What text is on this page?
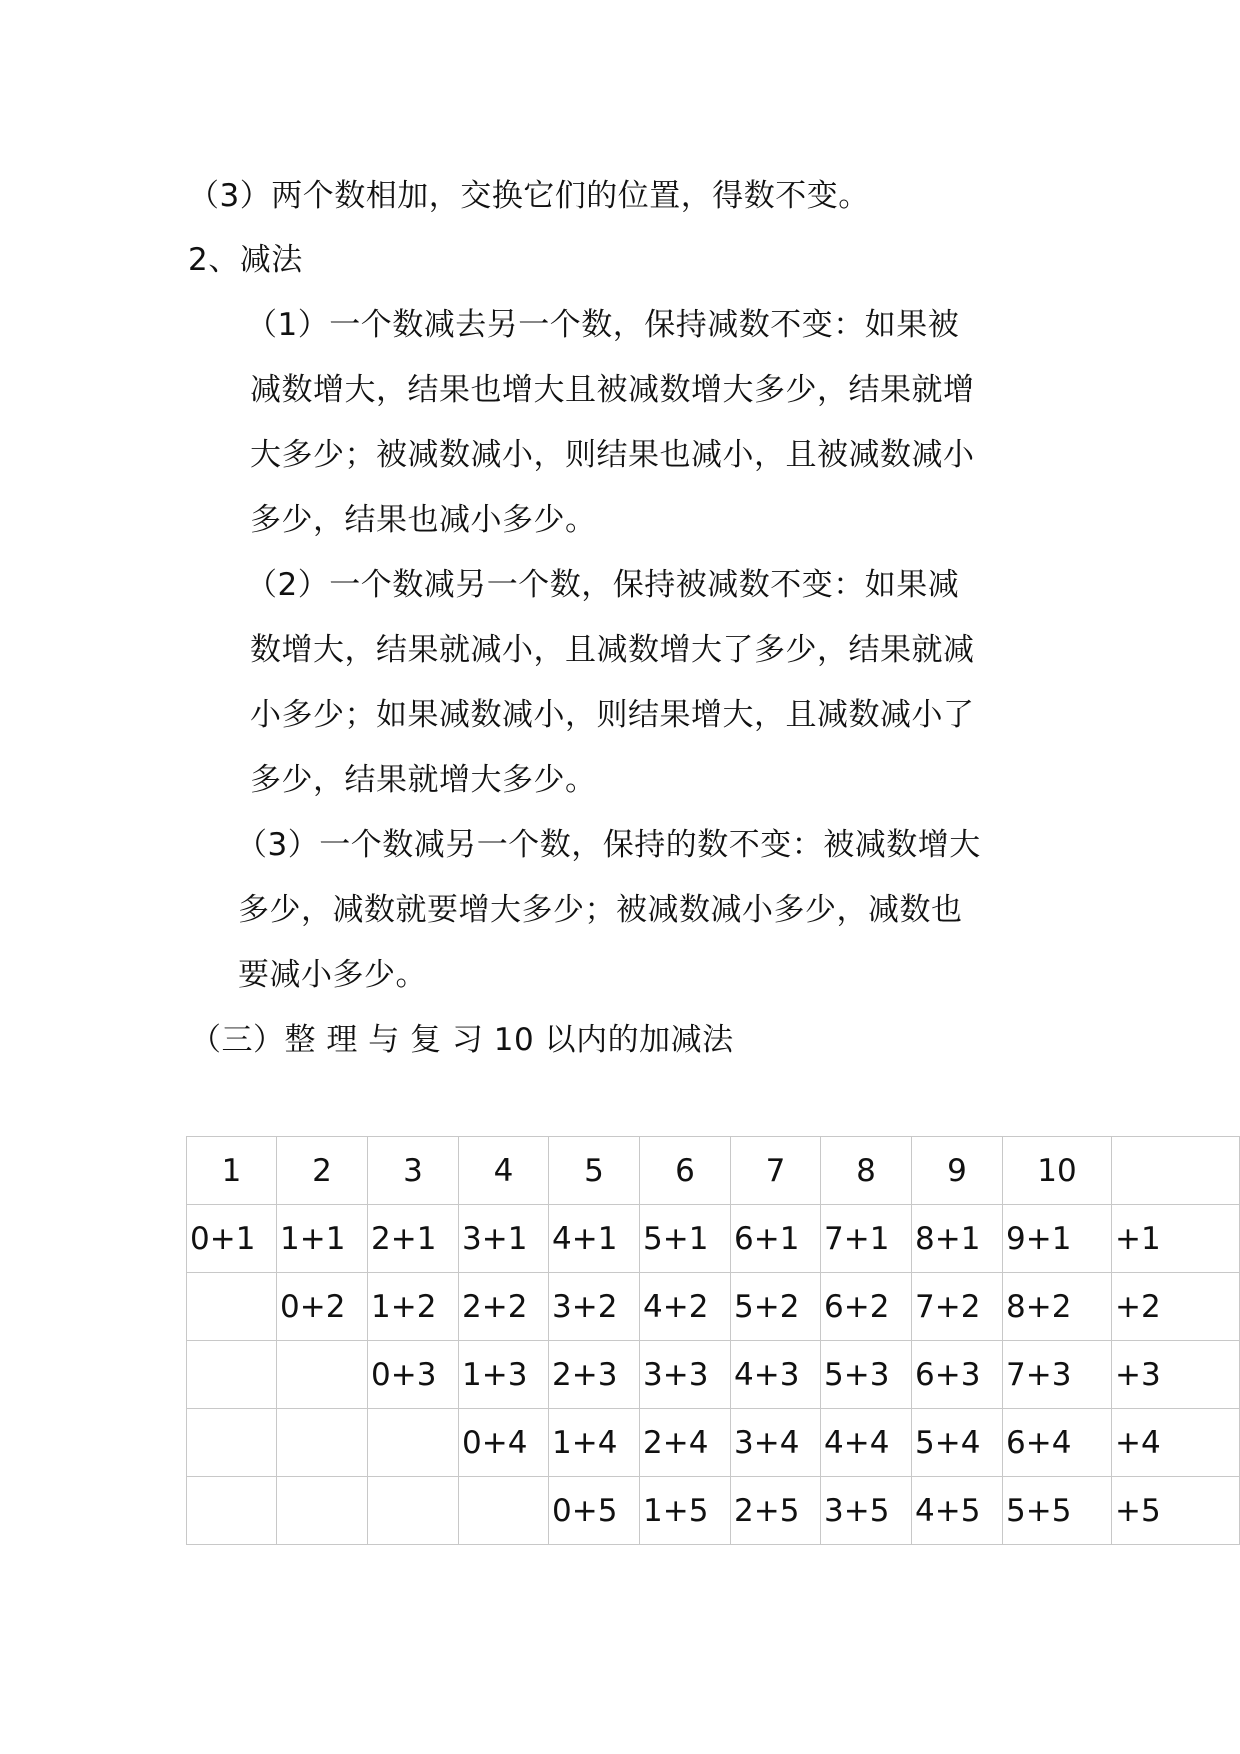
（3）两个数相加，交换它们的位置，得数不变。
2、减法
（1）一个数减去另一个数，保持减数不变：如果被
减数增大，结果也增大且被减数增大多少，结果就增
大多少；被减数减小，则结果也减小，且被减数减小
多少，结果也减小多少。
（2）一个数减另一个数，保持被减数不变：如果减
数增大，结果就减小，且减数增大了多少，结果就减
小多少；如果减数减小，则结果增大，且减数减小了
多少，结果就增大多少。
（3）一个数减另一个数，保持的数不变：被减数增大
多少，减数就要增大多少；被减数减小多少，减数也
要减小多少。
（三）整 理 与 复 习 10 以内的加减法
1	2	3	4	5	6	7	8	9	10	
0+1	1+1	2+1	3+1	4+1	5+1	6+1	7+1	8+1	9+1	+1
	0+2	1+2	2+2	3+2	4+2	5+2	6+2	7+2	8+2	+2
		0+3	1+3	2+3	3+3	4+3	5+3	6+3	7+3	+3
			0+4	1+4	2+4	3+4	4+4	5+4	6+4	+4
				0+5	1+5	2+5	3+5	4+5	5+5	+5
